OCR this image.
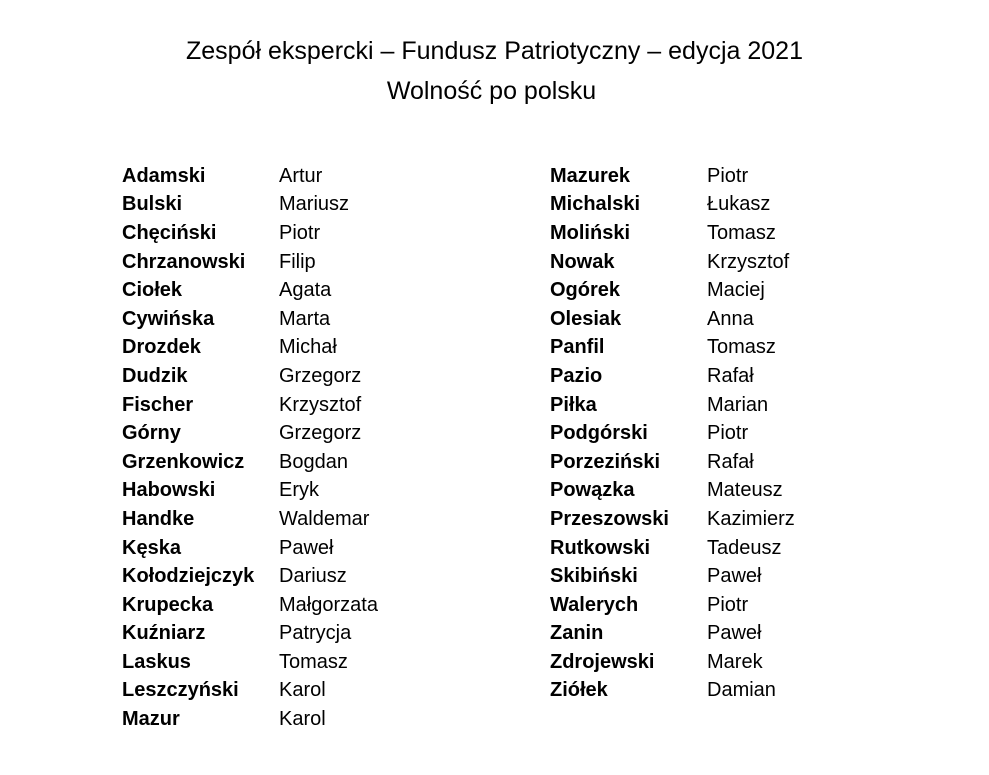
Zespół ekspercki – Fundusz Patriotyczny – edycja 2021
Wolność po polsku
Adamski	Artur
Bulski	Mariusz
Chęciński	Piotr
Chrzanowski	Filip
Ciołek	Agata
Cywińska	Marta
Drozdek	Michał
Dudzik	Grzegorz
Fischer	Krzysztof
Górny	Grzegorz
Grzenkowicz	Bogdan
Habowski	Eryk
Handke	Waldemar
Kęska	Paweł
Kołodziejczyk	Dariusz
Krupecka	Małgorzata
Kuźniarz	Patrycja
Laskus	Tomasz
Leszczyński	Karol
Mazur	Karol
Mazurek	Piotr
Michalski	Łukasz
Moliński	Tomasz
Nowak	Krzysztof
Ogórek	Maciej
Olesiak	Anna
Panfil	Tomasz
Pazio	Rafał
Piłka	Marian
Podgórski	Piotr
Porzeziński	Rafał
Powązka	Mateusz
Przeszowski	Kazimierz
Rutkowski	Tadeusz
Skibiński	Paweł
Walerych	Piotr
Zanin	Paweł
Zdrojewski	Marek
Ziółek	Damian
